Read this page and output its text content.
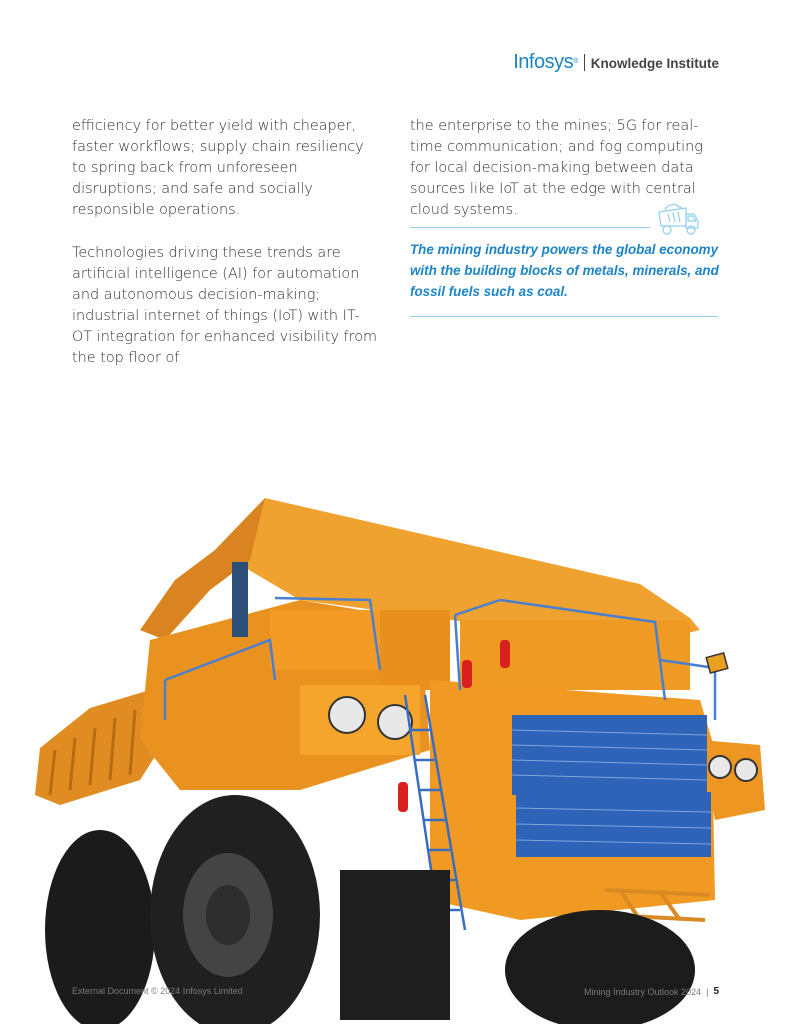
Infosys® Knowledge Institute

efficiency for better yield with cheaper, faster workflows; supply chain resiliency to spring back from unforeseen disruptions; and safe and socially responsible operations.

Technologies driving these trends are artificial intelligence (AI) for automation and autonomous decision-making; industrial internet of things (IoT) with IT-OT integration for enhanced visibility from the top floor of

the enterprise to the mines; 5G for real-time communication; and fog computing for local decision-making between data sources like IoT at the edge with central cloud systems.

The mining industry powers the global economy with the building blocks of metals, minerals, and fossil fuels such as coal.
External Document © 2024 Infosys Limited	Mining Industry Outlook 2024 | 5
